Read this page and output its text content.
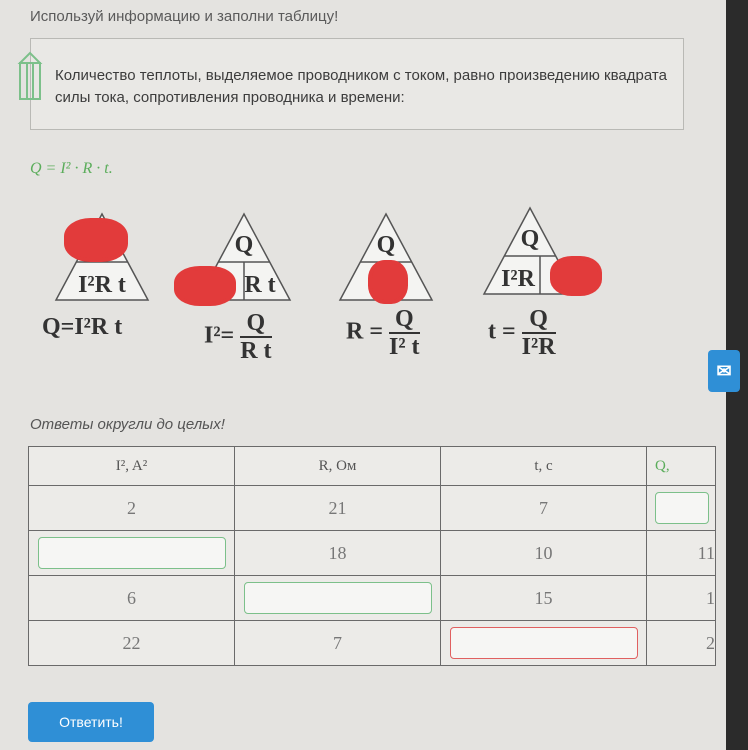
Используй информацию и заполни таблицу!
Количество теплоты, выделяемое проводником с током, равно произведению квадрата силы тока, сопротивления проводника и времени:
Q = I² · R · t.
I²R t
Q=I²R t
Q
R t
$I^2= \frac{Q}{\text{R t}}$
Q
$R = \frac{Q}{\text{I² t}}$
Q
I²R
$t = \frac{Q}{\text{I²R}}$
✉
Ответы округли до целых!
I², A²	R, Ом	t, с	Q,
2	21	7	

	18	10	11
6		15	1
22	7		2
Ответить!
